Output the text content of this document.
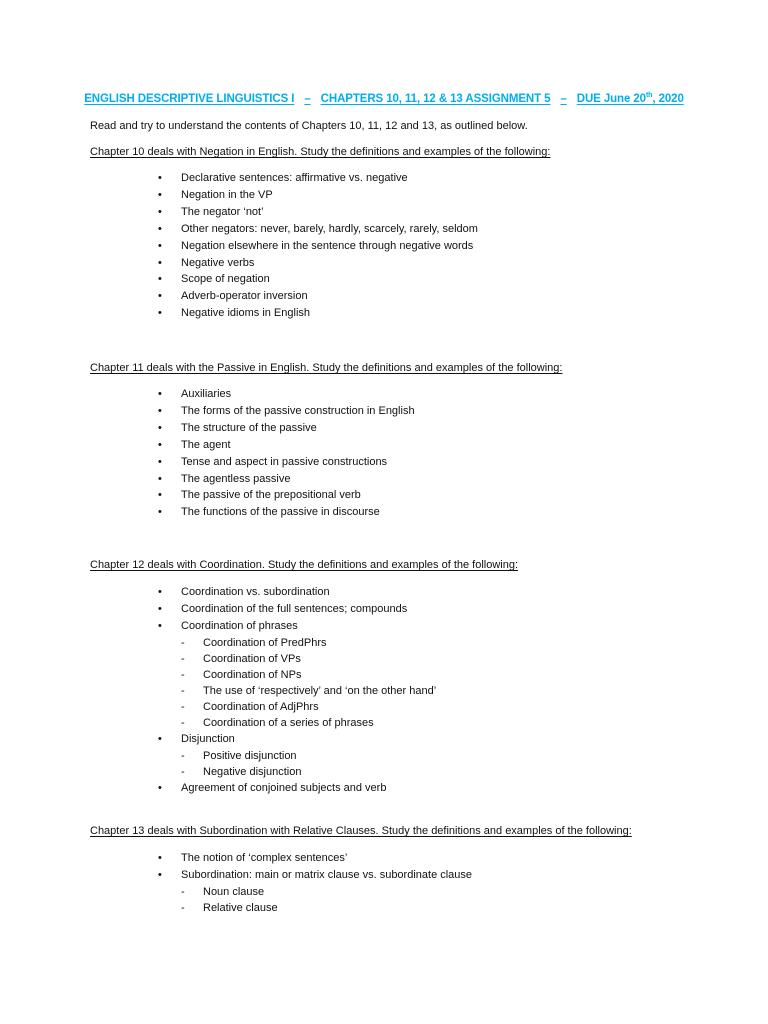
ENGLISH DESCRIPTIVE LINGUISTICS I – CHAPTERS 10, 11, 12 & 13 ASSIGNMENT 5 – DUE June 20th, 2020
Read and try to understand the contents of Chapters 10, 11, 12 and 13, as outlined below.
Chapter 10 deals with Negation in English. Study the definitions and examples of the following:
• Declarative sentences: affirmative vs. negative
• Negation in the VP
• The negator ‘not’
• Other negators: never, barely, hardly, scarcely, rarely, seldom
• Negation elsewhere in the sentence through negative words
• Negative verbs
• Scope of negation
• Adverb-operator inversion
• Negative idioms in English
Chapter 11 deals with the Passive in English. Study the definitions and examples of the following:
• Auxiliaries
• The forms of the passive construction in English
• The structure of the passive
• The agent
• Tense and aspect in passive constructions
• The agentless passive
• The passive of the prepositional verb
• The functions of the passive in discourse
Chapter 12 deals with Coordination. Study the definitions and examples of the following:
• Coordination vs. subordination
• Coordination of the full sentences; compounds
• Coordination of phrases
- Coordination of PredPhrs
- Coordination of VPs
- Coordination of NPs
- The use of ‘respectively’ and ‘on the other hand’
- Coordination of AdjPhrs
- Coordination of a series of phrases
• Disjunction
- Positive disjunction
- Negative disjunction
• Agreement of conjoined subjects and verb
Chapter 13 deals with Subordination with Relative Clauses. Study the definitions and examples of the following:
• The notion of ‘complex sentences’
• Subordination: main or matrix clause vs. subordinate clause
- Noun clause
- Relative clause
